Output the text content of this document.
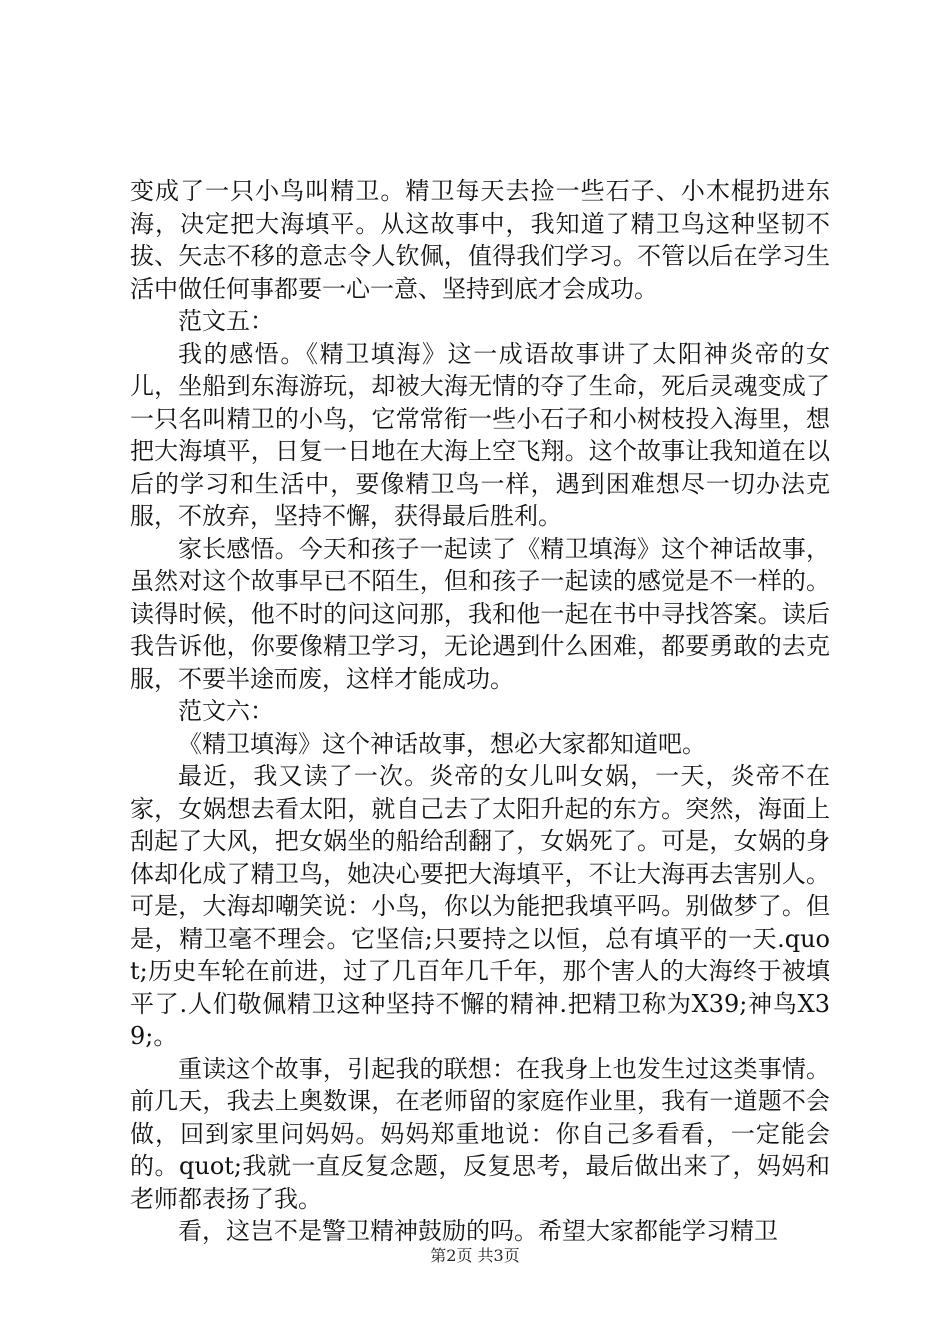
变成了一只小鸟叫精卫。精卫每天去捡一些石子、小木棍扔进东海，决定把大海填平。从这故事中，我知道了精卫鸟这种坚韧不拔、矢志不移的意志令人钦佩，值得我们学习。不管以后在学习生活中做任何事都要一心一意、坚持到底才会成功。

范文五：

我的感悟。《精卫填海》这一成语故事讲了太阳神炎帝的女儿，坐船到东海游玩，却被大海无情的夺了生命，死后灵魂变成了一只名叫精卫的小鸟，它常常衔一些小石子和小树枝投入海里，想把大海填平，日复一日地在大海上空飞翔。这个故事让我知道在以后的学习和生活中，要像精卫鸟一样，遇到困难想尽一切办法克服，不放弃，坚持不懈，获得最后胜利。

家长感悟。今天和孩子一起读了《精卫填海》这个神话故事，虽然对这个故事早已不陌生，但和孩子一起读的感觉是不一样的。读得时候，他不时的问这问那，我和他一起在书中寻找答案。读后我告诉他，你要像精卫学习，无论遇到什么困难，都要勇敢的去克服，不要半途而废，这样才能成功。

范文六：

《精卫填海》这个神话故事，想必大家都知道吧。

最近，我又读了一次。炎帝的女儿叫女娲，一天，炎帝不在家，女娲想去看太阳，就自己去了太阳升起的东方。突然，海面上刮起了大风，把女娲坐的船给刮翻了，女娲死了。可是，女娲的身体却化成了精卫鸟，她决心要把大海填平，不让大海再去害别人。可是，大海却嘲笑说：小鸟，你以为能把我填平吗。别做梦了。但是，精卫毫不理会。它坚信;只要持之以恒，总有填平的一天.quot;历史车轮在前进，过了几百年几千年，那个害人的大海终于被填平了.人们敬佩精卫这种坚持不懈的精神.把精卫称为X39;神鸟X39;。

重读这个故事，引起我的联想：在我身上也发生过这类事情。前几天，我去上奥数课，在老师留的家庭作业里，我有一道题不会做，回到家里问妈妈。妈妈郑重地说：你自己多看看，一定能会的。quot;我就一直反复念题，反复思考，最后做出来了，妈妈和老师都表扬了我。

看，这岂不是警卫精神鼓励的吗。希望大家都能学习精卫

第2页 共3页
